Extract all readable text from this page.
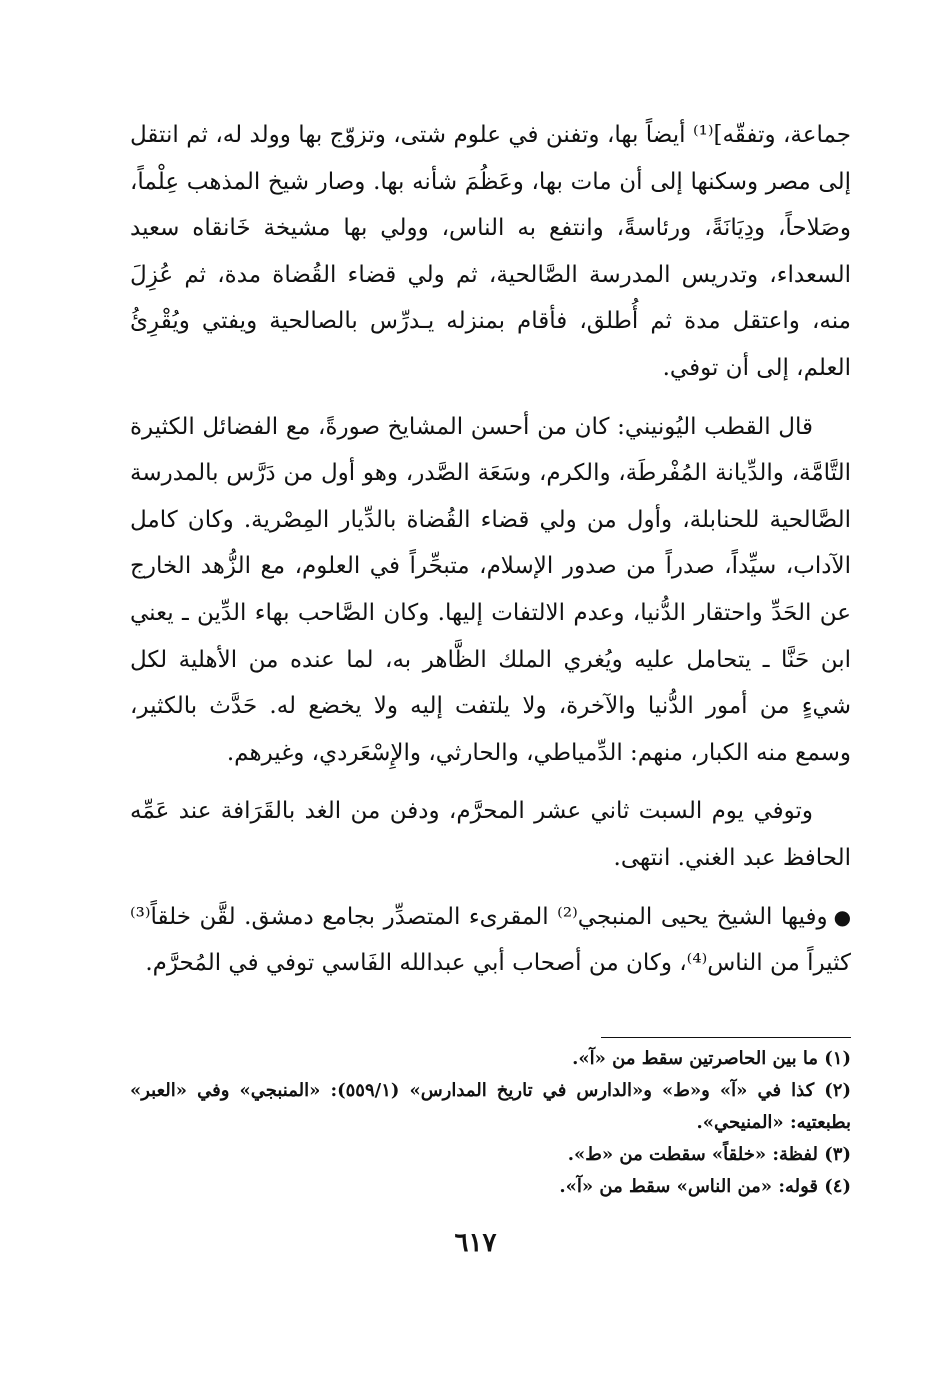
جماعة، وتفقّه]⁽¹⁾ أيضاً بها، وتفنن في علوم شتى، وتزوّج بها وولد له، ثم انتقل إلى مصر وسكنها إلى أن مات بها، وعَظُمَ شأنه بها. وصار شيخ المذهب عِلْماً، وصَلاحاً، ودِيَانَةً، ورئاسةً، وانتفع به الناس، وولي بها مشيخة خَانقاه سعيد السعداء، وتدريس المدرسة الصَّالحية، ثم ولي قضاء القُضاة مدة، ثم عُزِلَ منه، واعتقل مدة ثم أُطلق، فأقام بمنزله يـدرِّس بالصالحية ويفتي ويُقْرِئُ العلم، إلى أن توفي.

قال القطب اليُونيني: كان من أحسن المشايخ صورةً، مع الفضائل الكثيرة التَّامَّة، والدِّيانة المُفْرطَة، والكرم، وسَعَة الصَّدر، وهو أول من دَرَّس بالمدرسة الصَّالحية للحنابلة، وأول من ولي قضاء القُضاة بالدِّيار المِصْرية. وكان كامل الآداب، سيِّداً، صدراً من صدور الإسلام، متبحِّراً في العلوم، مع الزُّهد الخارج عن الحَدِّ واحتقار الدُّنيا، وعدم الالتفات إليها. وكان الصَّاحب بهاء الدِّين ـ يعني ابن حَنَّا ـ يتحامل عليه ويُغري الملك الظَّاهر به، لما عنده من الأهلية لكل شيءٍ من أمور الدُّنيا والآخرة، ولا يلتفت إليه ولا يخضع له. حَدَّث بالكثير، وسمع منه الكبار، منهم: الدِّمياطي، والحارثي، والإِسْعَردي، وغيرهم.

وتوفي يوم السبت ثاني عشر المحرَّم، ودفن من الغد بالقَرَافة عند عَمِّه الحافظ عبد الغني. انتهى.

●وفيها الشيخ يحيى المنبجي⁽²⁾ المقرىء المتصدِّر بجامع دمشق. لقَّن خلقاً⁽³⁾ كثيراً من الناس⁽⁴⁾، وكان من أصحاب أبي عبدالله الفَاسي توفي في المُحرَّم.

(١) ما بين الحاصرتين سقط من «آ».

(٢) كذا في «آ» و«ط» و«الدارس في تاريخ المدارس» (٥٥٩/١): «المنبجي» وفي «العبر» بطبعتيه: «المنيحي».

(٣) لفظة: «خلقاً» سقطت من «ط».

(٤) قوله: «من الناس» سقط من «آ».

٦١٧
